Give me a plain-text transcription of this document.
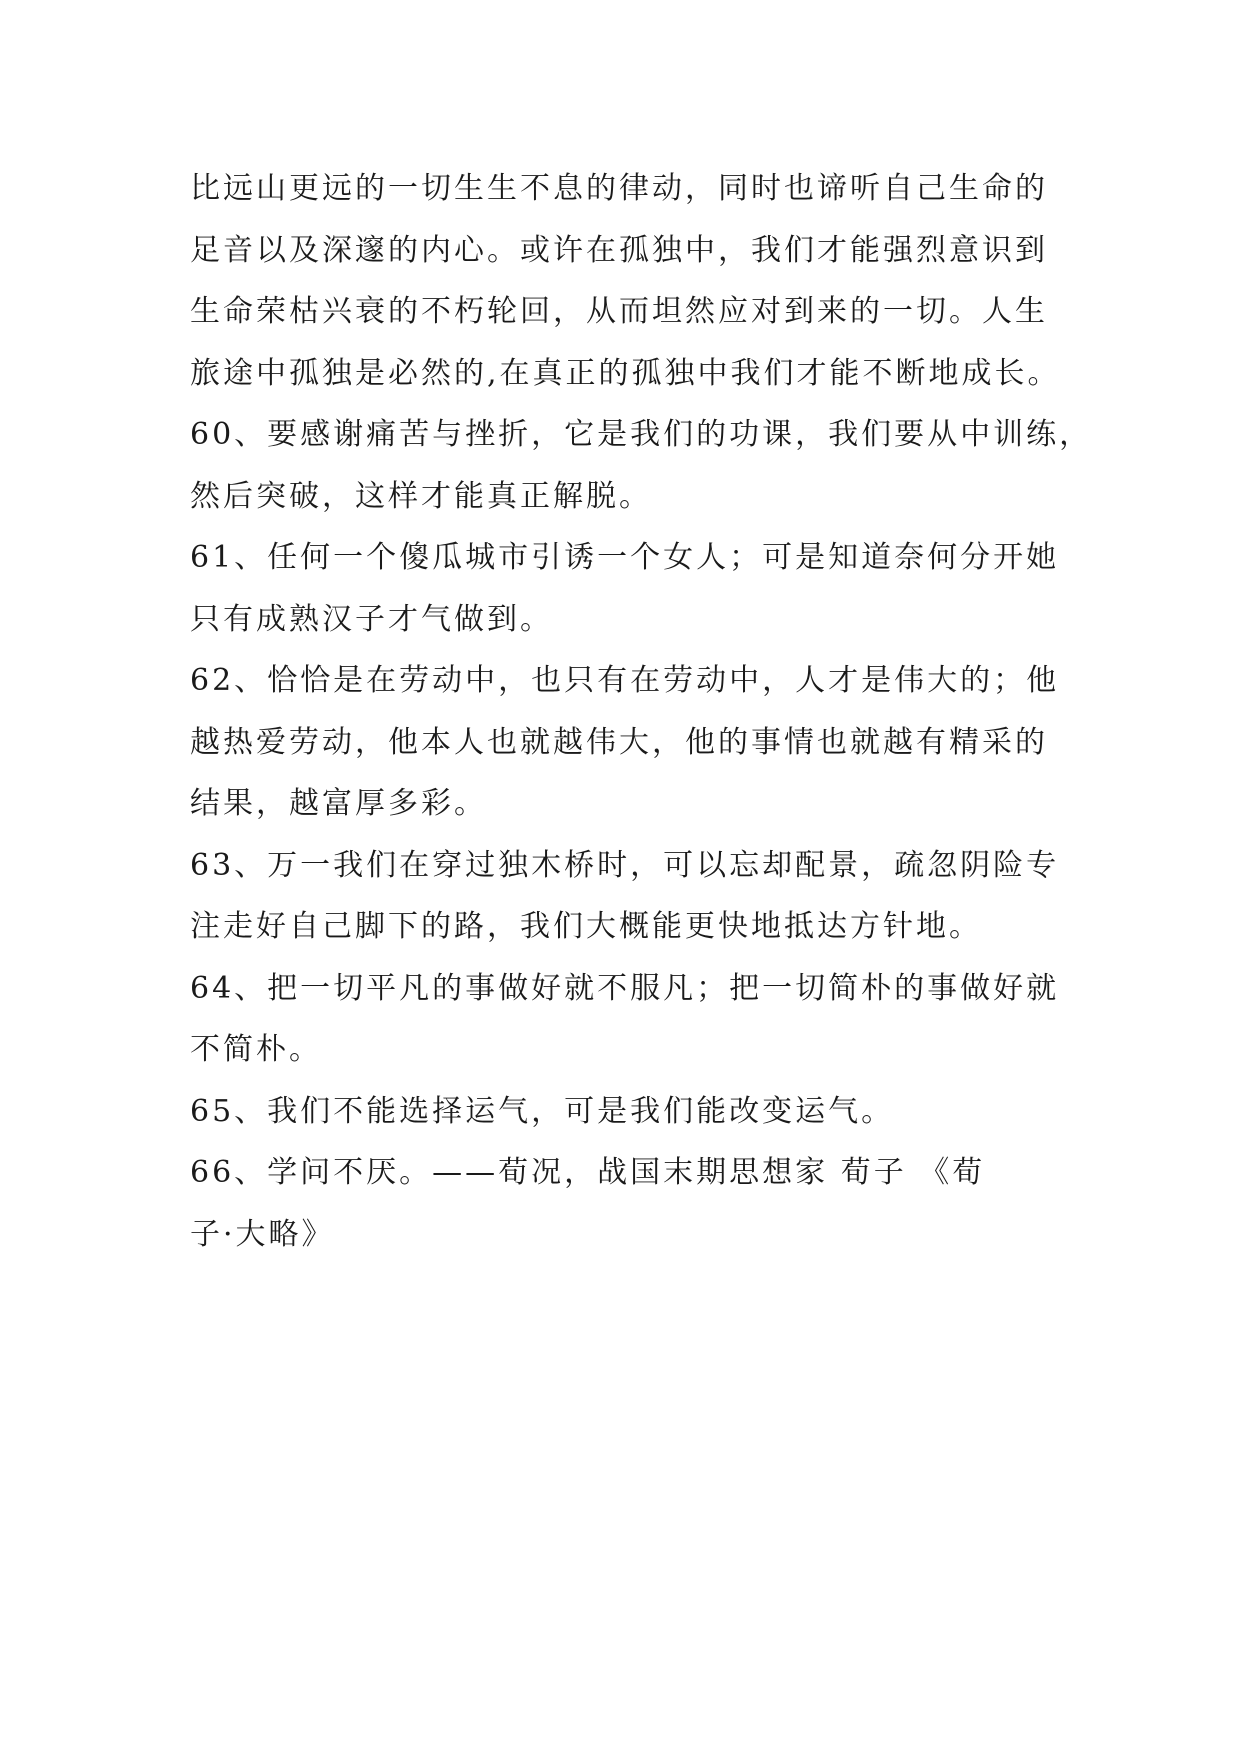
比远山更远的一切生生不息的律动，同时也谛听自己生命的
足音以及深邃的内心。或许在孤独中，我们才能强烈意识到
生命荣枯兴衰的不朽轮回，从而坦然应对到来的一切。人生
旅途中孤独是必然的,在真正的孤独中我们才能不断地成长。
60、要感谢痛苦与挫折，它是我们的功课，我们要从中训练，
然后突破，这样才能真正解脱。
61、任何一个傻瓜城市引诱一个女人；可是知道奈何分开她
只有成熟汉子才气做到。
62、恰恰是在劳动中，也只有在劳动中，人才是伟大的；他
越热爱劳动，他本人也就越伟大，他的事情也就越有精采的
结果，越富厚多彩。
63、万一我们在穿过独木桥时，可以忘却配景，疏忽阴险专
注走好自己脚下的路，我们大概能更快地抵达方针地。
64、把一切平凡的事做好就不服凡；把一切简朴的事做好就
不简朴。
65、我们不能选择运气，可是我们能改变运气。
66、学问不厌。——荀况，战国末期思想家 荀子 《荀
子·大略》
